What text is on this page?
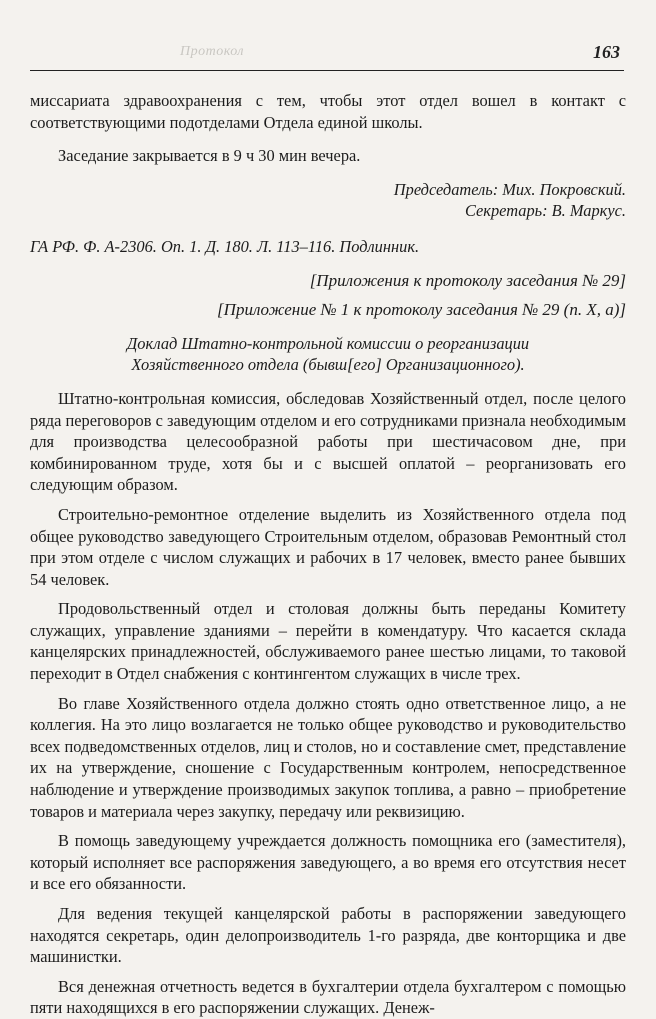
Протокол	163

миссариата здравоохранения с тем, чтобы этот отдел вошел в контакт с соответствующими подотделами Отдела единой школы.

Заседание закрывается в 9 ч 30 мин вечера.

Председатель: Мих. Покровский.

Секретарь: В. Маркус.

ГА РФ. Ф. А-2306. Оп. 1. Д. 180. Л. 113–116. Подлинник.

[Приложения к протоколу заседания № 29]

[Приложение № 1 к протоколу заседания № 29 (п. X, а)]

Доклад Штатно-контрольной комиссии о реорганизации

Хозяйственного отдела (бывш[его] Организационного).

Штатно-контрольная комиссия, обследовав Хозяйственный отдел, после целого ряда переговоров с заведующим отделом и его сотрудниками признала необходимым для производства целесообразной работы при шестичасовом дне, при комбинированном труде, хотя бы и с высшей оплатой – реорганизовать его следующим образом.

Строительно-ремонтное отделение выделить из Хозяйственного отдела под общее руководство заведующего Строительным отделом, образовав Ремонтный стол при этом отделе с числом служащих и рабочих в 17 человек, вместо ранее бывших 54 человек.

Продовольственный отдел и столовая должны быть переданы Комитету служащих, управление зданиями – перейти в комендатуру. Что касается склада канцелярских принадлежностей, обслуживаемого ранее шестью лицами, то таковой переходит в Отдел снабжения с контингентом служащих в числе трех.

Во главе Хозяйственного отдела должно стоять одно ответственное лицо, а не коллегия. На это лицо возлагается не только общее руководство и руководительство всех подведомственных отделов, лиц и столов, но и составление смет, представление их на утверждение, сношение с Государственным контролем, непосредственное наблюдение и утверждение производимых закупок топлива, а равно – приобретение товаров и материала через закупку, передачу или реквизицию.

В помощь заведующему учреждается должность помощника его (заместителя), который исполняет все распоряжения заведующего, а во время его отсутствия несет и все его обязанности.

Для ведения текущей канцелярской работы в распоряжении заведующего находятся секретарь, один делопроизводитель 1-го разряда, две конторщика и две машинистки.

Вся денежная отчетность ведется в бухгалтерии отдела бухгалтером с помощью пяти находящихся в его распоряжении служащих. Денеж-
